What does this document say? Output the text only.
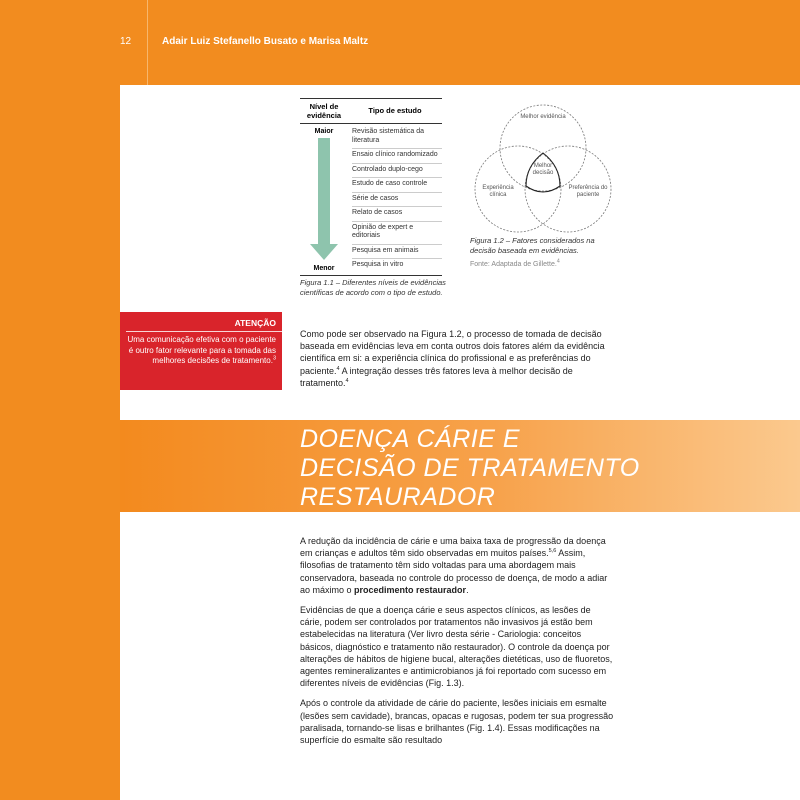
12	Adair Luiz Stefanello Busato e Marisa Maltz
Nível de evidência
Tipo de estudo
Maior
Menor
Revisão sistemática da literatura
Ensaio clínico randomizado
Controlado duplo-cego
Estudo de caso controle
Série de casos
Relato de casos
Opinião de expert e editoriais
Pesquisa em animais
Pesquisa in vitro
Figura 1.1 – Diferentes níveis de evidências científicas de acordo com o tipo de estudo.
Melhor evidência
Experiência clínica
Preferência do paciente
Melhor decisão
Figura 1.2 – Fatores considerados na decisão baseada em evidências.
Fonte: Adaptada de Gillette.$^4$
ATENÇÃO
Uma comunicação efetiva com o paciente é outro fator relevante para a tomada das melhores decisões de tratamento.$^3$

Como pode ser observado na Figura 1.2, o processo de tomada de decisão baseada em evidências leva em conta outros dois fatores além da evidência científica em si: a experiência clínica do profissional e as preferências do paciente.$^4$ A integração desses três fatores leva à melhor decisão de tratamento.$^4$

DOENÇA CÁRIE E
DECISÃO DE TRATAMENTO
RESTAURADOR

A redução da incidência de cárie e uma baixa taxa de progressão da doença em crianças e adultos têm sido observadas em muitos países.$^{5,6}$ Assim, filosofias de tratamento têm sido voltadas para uma abordagem mais conservadora, baseada no controle do processo de doença, de modo a adiar ao máximo o procedimento restaurador.

Evidências de que a doença cárie e seus aspectos clínicos, as lesões de cárie, podem ser controlados por tratamentos não invasivos já estão bem estabelecidas na literatura (Ver livro desta série - Cariologia: conceitos básicos, diagnóstico e tratamento não restaurador). O controle da doença por alterações de hábitos de higiene bucal, alterações dietéticas, uso de fluoretos, agentes remineralizantes e antimicrobianos já foi reportado com sucesso em diferentes níveis de evidências (Fig. 1.3).

Após o controle da atividade de cárie do paciente, lesões iniciais em esmalte (lesões sem cavidade), brancas, opacas e rugosas, podem ter sua progressão paralisada, tornando-se lisas e brilhantes (Fig. 1.4). Essas modificações na superfície do esmalte são resultado
